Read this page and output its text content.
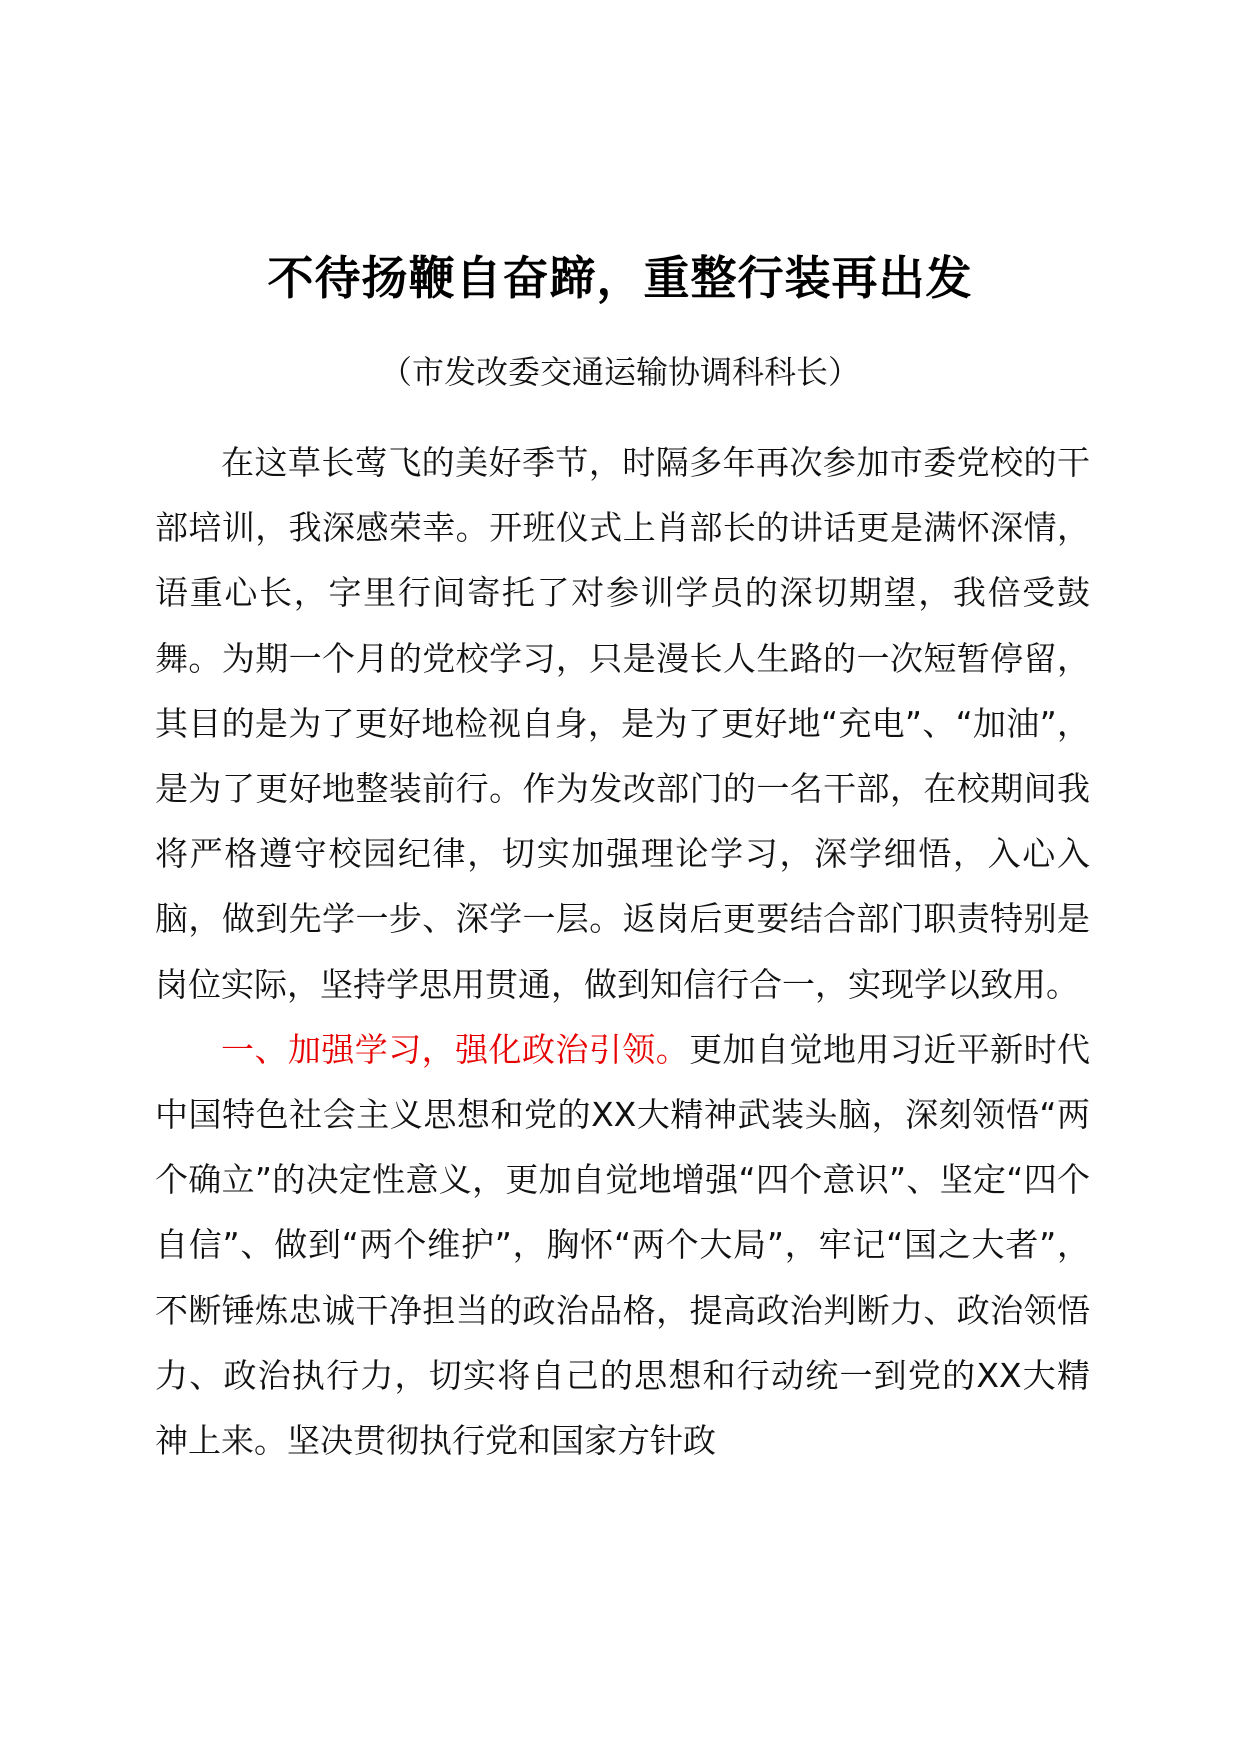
不待扬鞭自奋蹄，重整行装再出发
（市发改委交通运输协调科科长）

在这草长莺飞的美好季节，时隔多年再次参加市委党校的干部培训，我深感荣幸。开班仪式上肖部长的讲话更是满怀深情，语重心长，字里行间寄托了对参训学员的深切期望，我倍受鼓舞。为期一个月的党校学习，只是漫长人生路的一次短暂停留，其目的是为了更好地检视自身，是为了更好地“充电”、“加油”，是为了更好地整装前行。作为发改部门的一名干部，在校期间我将严格遵守校园纪律，切实加强理论学习，深学细悟，入心入脑，做到先学一步、深学一层。返岗后更要结合部门职责特别是岗位实际，坚持学思用贯通，做到知信行合一，实现学以致用。

一、加强学习，强化政治引领。更加自觉地用习近平新时代中国特色社会主义思想和党的XX大精神武装头脑，深刻领悟“两个确立”的决定性意义，更加自觉地增强“四个意识”、坚定“四个自信”、做到“两个维护”，胸怀“两个大局”，牢记“国之大者”，不断锤炼忠诚干净担当的政治品格，提高政治判断力、政治领悟力、政治执行力，切实将自己的思想和行动统一到党的XX大精神上来。坚决贯彻执行党和国家方针政
